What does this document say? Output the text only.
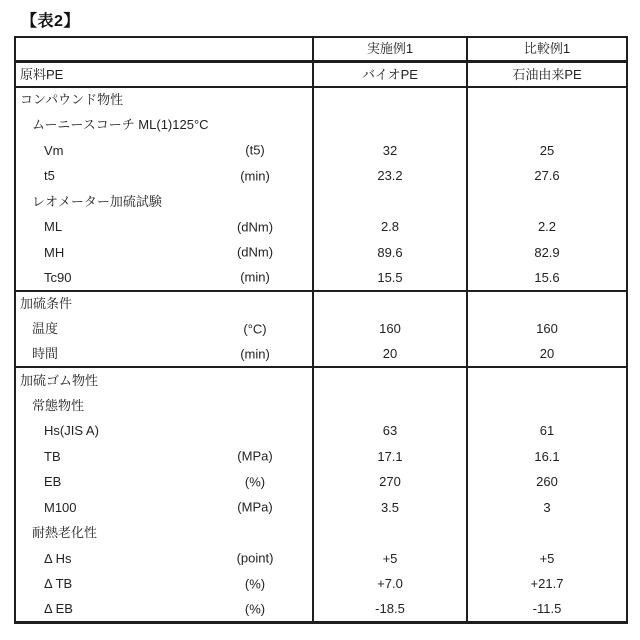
【表2】
	実施例1	比較例1
原料PE	バイオPE	石油由来PE
コンパウンド物性

ムーニースコーチ ML(1)125°C

Vm (t5)	32	25
t5 (min)	23.2	27.6
レオメーター加硫試験

ML (dNm)	2.8	2.2
MH (dNm)	89.6	82.9
Tc90 (min)	15.5	15.6
加硫条件

温度 (°C)	160	160
時間 (min)	20	20
加硫ゴム物性

常態物性

Hs(JIS A)	63	61
TB (MPa)	17.1	16.1
EB (%)	270	260
M100 (MPa)	3.5	3
耐熱老化性

Δ Hs (point)	+5	+5
Δ TB (%)	+7.0	+21.7
Δ EB (%)	-18.5	-11.5
